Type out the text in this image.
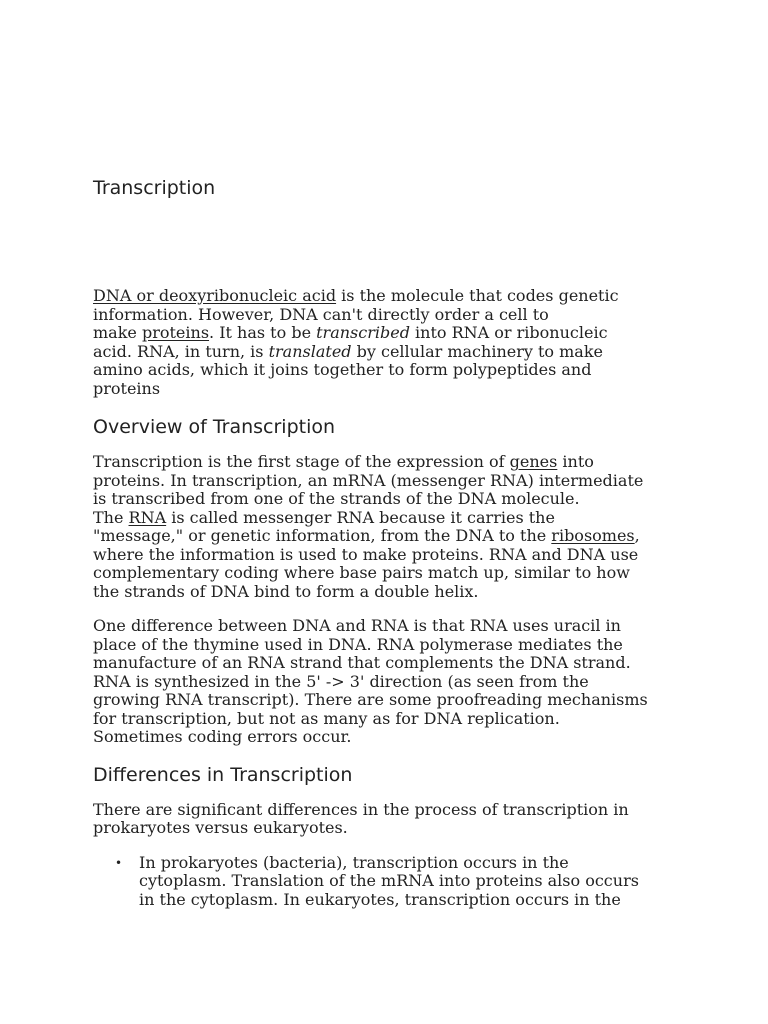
Transcription

DNA or deoxyribonucleic acid is the molecule that codes genetic
information. However, DNA can't directly order a cell to
make proteins. It has to be transcribed into RNA or ribonucleic
acid. RNA, in turn, is translated by cellular machinery to make
amino acids, which it joins together to form polypeptides and
proteins

Overview of Transcription

Transcription is the first stage of the expression of genes into
proteins. In transcription, an mRNA (messenger RNA) intermediate
is transcribed from one of the strands of the DNA molecule.
The RNA is called messenger RNA because it carries the
"message," or genetic information, from the DNA to the ribosomes,
where the information is used to make proteins. RNA and DNA use
complementary coding where base pairs match up, similar to how
the strands of DNA bind to form a double helix.

One difference between DNA and RNA is that RNA uses uracil in
place of the thymine used in DNA. RNA polymerase mediates the
manufacture of an RNA strand that complements the DNA strand.
RNA is synthesized in the 5' -> 3' direction (as seen from the
growing RNA transcript). There are some proofreading mechanisms
for transcription, but not as many as for DNA replication.
Sometimes coding errors occur.

Differences in Transcription

There are significant differences in the process of transcription in
prokaryotes versus eukaryotes.

• In prokaryotes (bacteria), transcription occurs in the
cytoplasm. Translation of the mRNA into proteins also occurs
in the cytoplasm. In eukaryotes, transcription occurs in the
